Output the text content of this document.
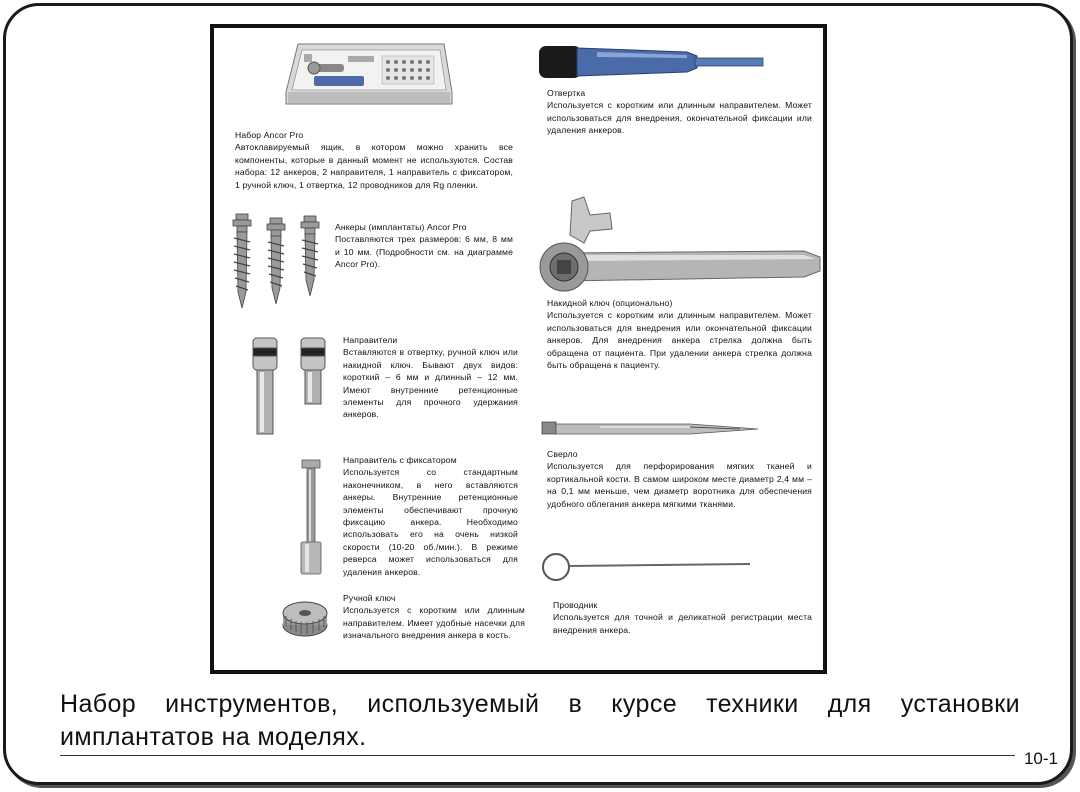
Набор Ancor Pro
Автоклавируемый ящик, в котором можно хранить все компоненты, которые в данный момент не используются. Состав набора: 12 анкеров, 2 направителя, 1 направитель с фиксатором, 1 ручной ключ, 1 отвертка, 12 проводников для Rg пленки.
Отвертка
Используется с коротким или длинным направителем. Может использоваться для внедрения, окончательной фиксации или удаления анкеров.
Анкеры (имплантаты) Ancor Pro
Поставляются трех размеров: 6 мм, 8 мм и 10 мм. (Подробности см. на диаграмме Ancor Pro).
Накидной ключ (опционально)
Используется с коротким или длинным направителем. Может использоваться для внедрения или окончательной фиксации анкеров. Для внедрения анкера стрелка должна быть обращена от пациента. При удалении анкера стрелка должна быть обращена к пациенту.
Направители
Вставляются в отвертку, ручной ключ или накидной ключ. Бывают двух видов: короткий – 6 мм и длинный – 12 мм. Имеют внутренние ретенционные элементы для прочного удержания анкеров.
Сверло
Используется для перфорирования мягких тканей и кортикальной кости. В самом широком месте диаметр 2,4 мм – на 0,1 мм меньше, чем диаметр воротника для обеспечения удобного облегания анкера мягкими тканями.
Направитель с фиксатором
Используется со стандартным наконечником, в него вставляются анкеры. Внутренние ретенционные элементы обеспечивают прочную фиксацию анкера. Необходимо использовать его на очень низкой скорости (10-20 об./мин.). В режиме реверса может использоваться для удаления анкеров.
Проводник
Используется для точной и деликатной регистрации места внедрения анкера.
Ручной ключ
Используется с коротким или длинным направителем. Имеет удобные насечки для изначального внедрения анкера в кость.
Набор инструментов, используемый в курсе техники для установки имплантатов на моделях.
10-1
